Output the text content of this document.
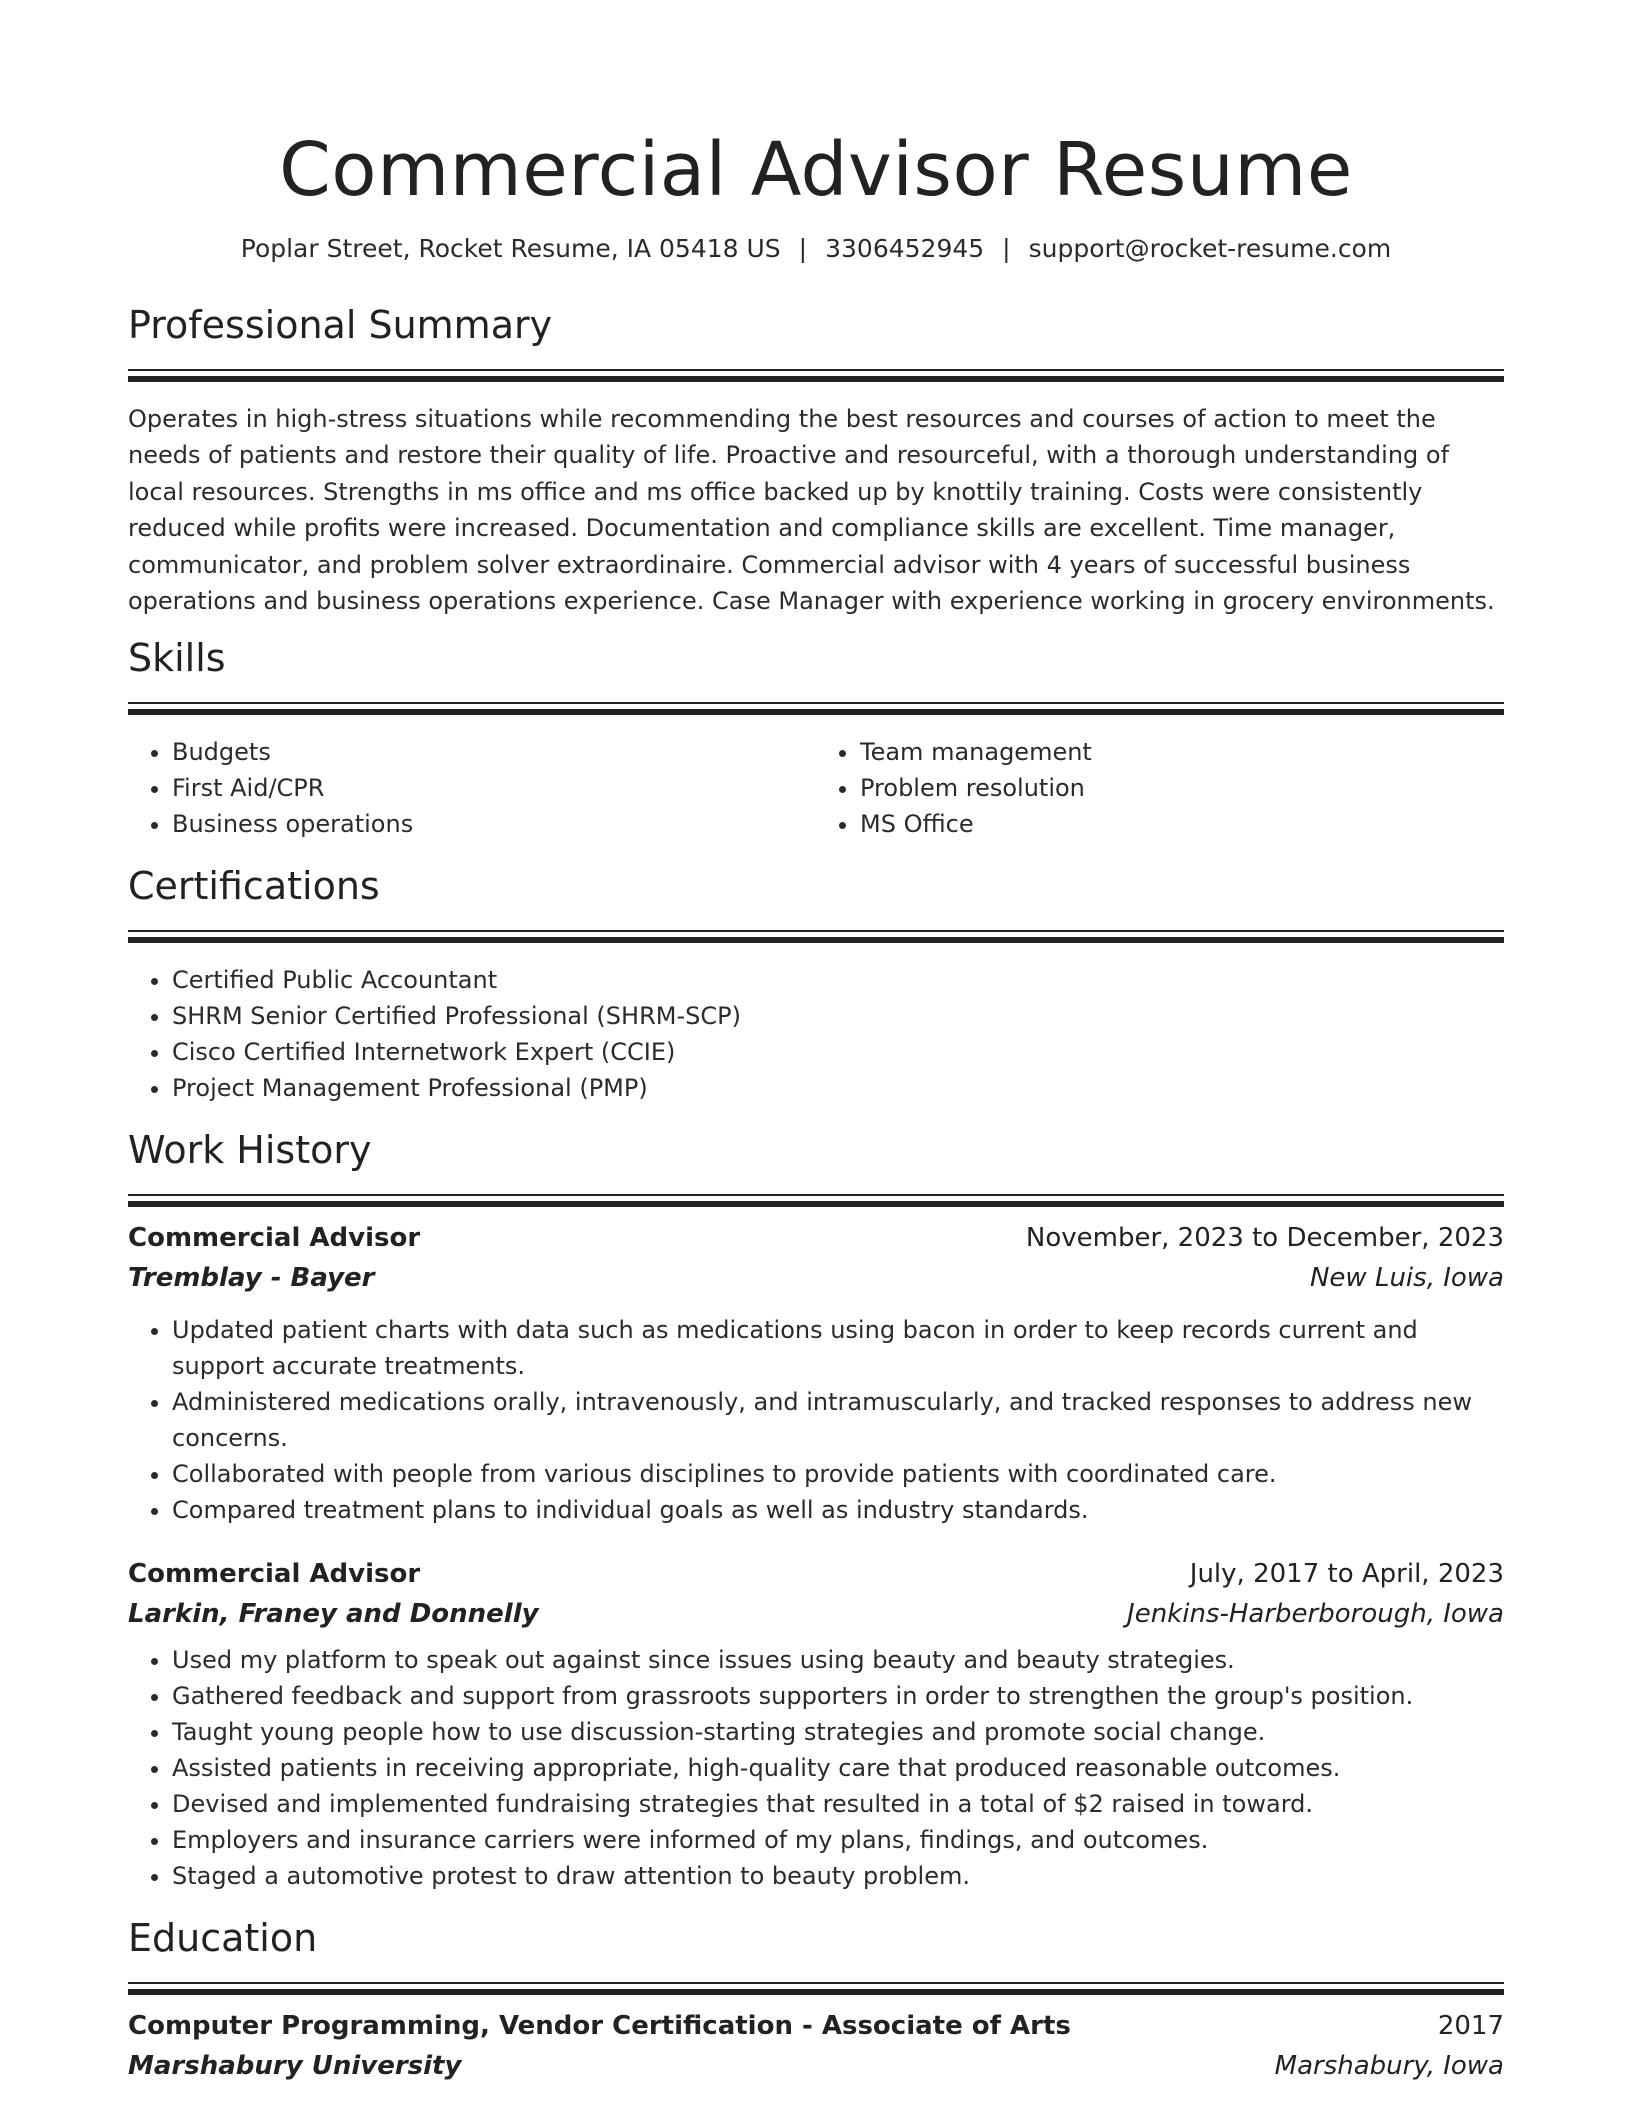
Commercial Advisor Resume
Poplar Street, Rocket Resume, IA 05418 US | 3306452945 | support@rocket-resume.com
Professional Summary

Operates in high-stress situations while recommending the best resources and courses of action to meet the needs of patients and restore their quality of life. Proactive and resourceful, with a thorough understanding of local resources. Strengths in ms office and ms office backed up by knottily training. Costs were consistently reduced while profits were increased. Documentation and compliance skills are excellent. Time manager, communicator, and problem solver extraordinaire. Commercial advisor with 4 years of successful business operations and business operations experience. Case Manager with experience working in grocery environments.

Skills
• Budgets
• First Aid/CPR
• Business operations
• Team management
• Problem resolution
• MS Office
Certifications
• Certified Public Accountant
• SHRM Senior Certified Professional (SHRM-SCP)
• Cisco Certified Internetwork Expert (CCIE)
• Project Management Professional (PMP)
Work History
Commercial Advisor	November, 2023 to December, 2023
Tremblay - Bayer	New Luis, Iowa
• Updated patient charts with data such as medications using bacon in order to keep records current and support accurate treatments.
• Administered medications orally, intravenously, and intramuscularly, and tracked responses to address new concerns.
• Collaborated with people from various disciplines to provide patients with coordinated care.
• Compared treatment plans to individual goals as well as industry standards.
Commercial Advisor	July, 2017 to April, 2023
Larkin, Franey and Donnelly	Jenkins-Harberborough, Iowa
• Used my platform to speak out against since issues using beauty and beauty strategies.
• Gathered feedback and support from grassroots supporters in order to strengthen the group's position.
• Taught young people how to use discussion-starting strategies and promote social change.
• Assisted patients in receiving appropriate, high-quality care that produced reasonable outcomes.
• Devised and implemented fundraising strategies that resulted in a total of $2 raised in toward.
• Employers and insurance carriers were informed of my plans, findings, and outcomes.
• Staged a automotive protest to draw attention to beauty problem.
Education
Computer Programming, Vendor Certification - Associate of Arts	2017
Marshabury University	Marshabury, Iowa
